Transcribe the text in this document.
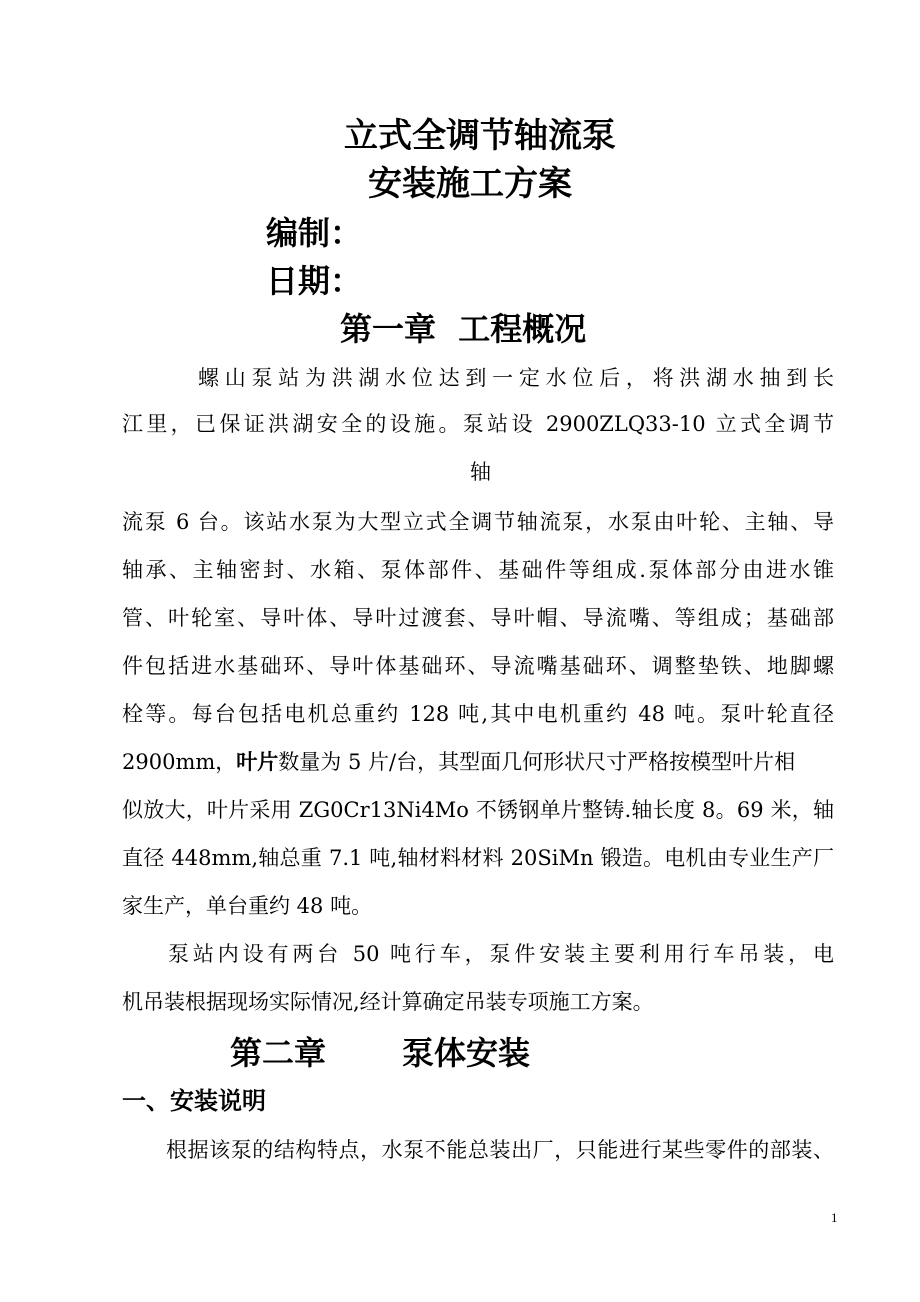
立式全调节轴流泵
安装施工方案
编制：
日期：
第一章  工程概况
螺山泵站为洪湖水位达到一定水位后，将洪湖水抽到长
江里，已保证洪湖安全的设施。泵站设 2900ZLQ33-10 立式全调节
轴
流泵 6 台。该站水泵为大型立式全调节轴流泵，水泵由叶轮、主轴、导
轴承、主轴密封、水箱、泵体部件、基础件等组成.泵体部分由进水锥
管、叶轮室、导叶体、导叶过渡套、导叶帽、导流嘴、等组成；基础部
件包括进水基础环、导叶体基础环、导流嘴基础环、调整垫铁、地脚螺
栓等。每台包括电机总重约 128 吨,其中电机重约 48 吨。泵叶轮直径
2900mm，叶片数量为 5 片/台，其型面几何形状尺寸严格按模型叶片相
似放大，叶片采用 ZG0Cr13Ni4Mo 不锈钢单片整铸.轴长度 8。69 米，轴
直径 448mm,轴总重 7.1 吨,轴材料材料 20SiMn 锻造。电机由专业生产厂
家生产，单台重约 48 吨。
泵站内设有两台 50 吨行车，泵件安装主要利用行车吊装，电
机吊装根据现场实际情况,经计算确定吊装专项施工方案。
第二章 泵体安装
一、安装说明
根据该泵的结构特点，水泵不能总装出厂，只能进行某些零件的部装、
1
